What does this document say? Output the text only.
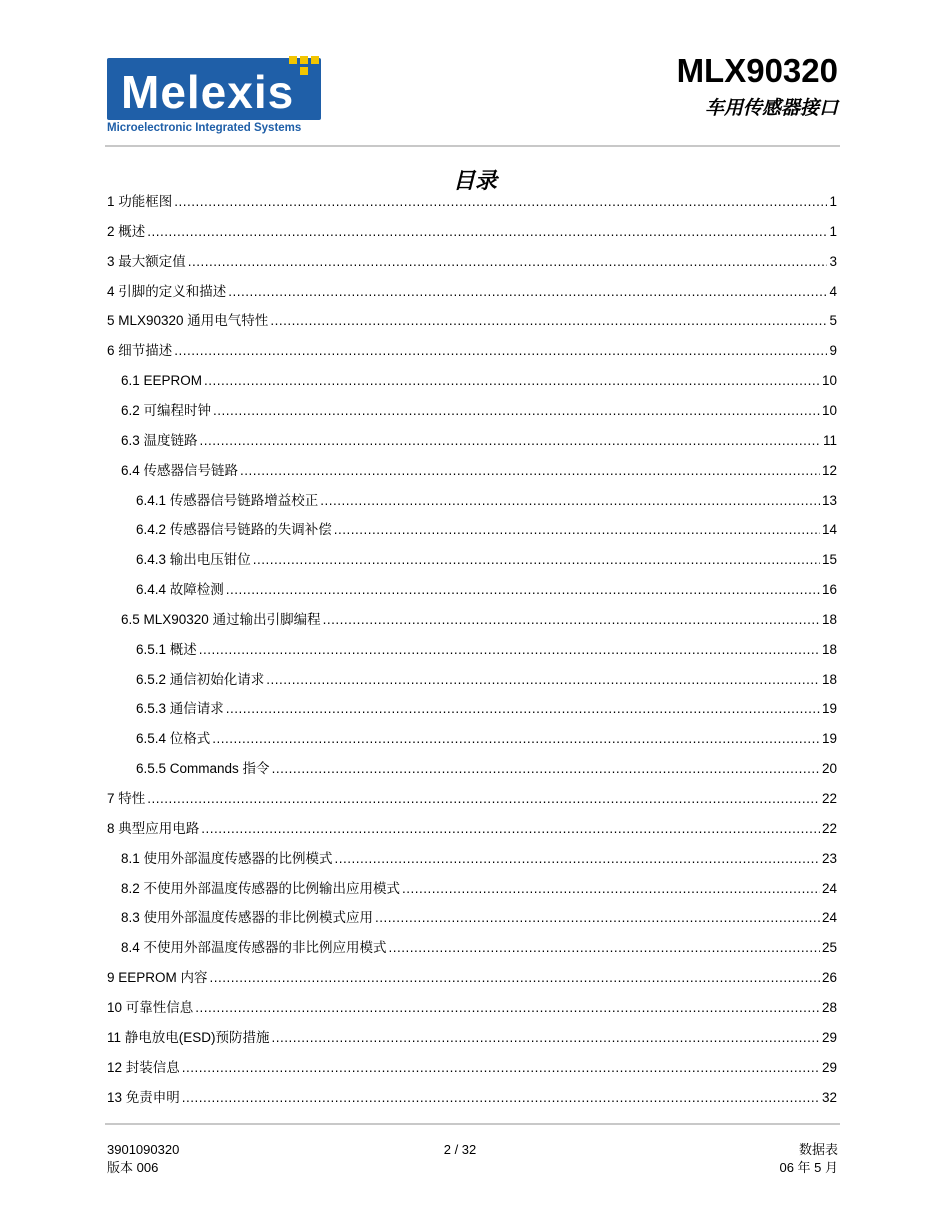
Melexis
Microelectronic Integrated Systems
MLX90320
车用传感器接口
目录
1 功能框图 .....	1
2 概述 .....	1
3 最大额定值 .....	3
4 引脚的定义和描述 .....	4
5 MLX90320 通用电气特性 .....	5
6 细节描述 .....	9
6.1 EEPROM .....	10
6.2 可编程时钟 .....	10
6.3 温度链路 .....	11
6.4 传感器信号链路 .....	12
6.4.1 传感器信号链路增益校正 .....	13
6.4.2 传感器信号链路的失调补偿 .....	14
6.4.3 输出电压钳位 .....	15
6.4.4 故障检测 .....	16
6.5 MLX90320 通过输出引脚编程 .....	18
6.5.1 概述 .....	18
6.5.2 通信初始化请求 .....	18
6.5.3 通信请求 .....	19
6.5.4 位格式 .....	19
6.5.5 Commands 指令 .....	20
7 特性 .....	22
8 典型应用电路 .....	22
8.1 使用外部温度传感器的比例模式 .....	23
8.2 不使用外部温度传感器的比例输出应用模式 .....	24
8.3 使用外部温度传感器的非比例模式应用 .....	24
8.4 不使用外部温度传感器的非比例应用模式 .....	25
9 EEPROM 内容 .....	26
10 可靠性信息 .....	28
11 静电放电(ESD)预防措施 .....	29
12 封装信息 .....	29
13 免责申明 .....	32
3901090320
版本 006
2 / 32	数据表
06 年 5 月
